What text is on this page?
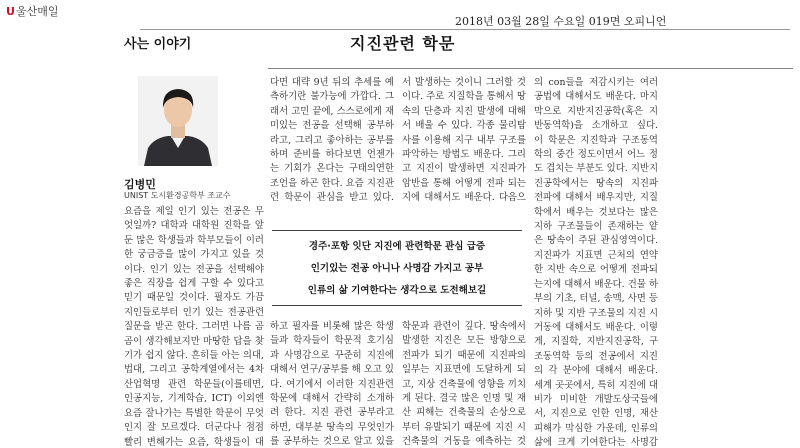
U울산매일
2018년 03월 28일 수요일 019면 오피니언
사는 이야기	지진관련 학문
김병민
UNIST 도시환경공학부 조교수
요즘을 제일 인기 있는 전공은 무엇일까? 대학과 대학원 진학을 앞둔 많은 학생들과 학부모들이 이러한 궁금증을 많이 가지고 있을 것이다. 인기 있는 전공을 선택해야 좋은 직장을 쉽게 구할 수 있다고 믿기 때문일 것이다. 필자도 가끔 지인들로부터 인기 있는 전공관련 질문을 받곤 한다. 그러면 나름 곰곰이 생각해보지만 마땅한 답을 찾기가 쉽지 않다. 흔히들 아는 의대, 법대, 그리고 공학계열에서는 4차산업혁명 관련 학문들(이를테면, 인공지능, 기계학습, ICT) 이외엔 요즘 잘나가는 특별한 학문이 무엇인지 잘 모르겠다. 더군다나 점점 빨리 변해가는 요즘, 학생들이 대
다면 대략 9년 뒤의 추세를 예측하기란 불가능에 가깝다. 그래서 고민 끝에, 스스로에게 재미있는 전공을 선택해 공부하라고, 그리고 좋아하는 공부를 하며 준비를 하다보면 언젠가는 기회가 온다는 구태의연한 조언을 하곤 한다. 요즘 지진관련 학문이 관심을 받고 있다.
서 발생하는 것이니 그러할 것이다. 주로 지질학을 통해서 땅속의 단층과 지진 발생에 대해서 배울 수 있다. 각종 물리탐사를 이용해 지구 내부 구조를 파악하는 방법도 배운다. 그리고 지진이 발생하면 지진파가 암반을 통해 어떻게 전파 되는지에 대해서도 배운다. 다음으
의 con들을 저감시키는 여러 공법에 대해서도 배운다. 마지막으로 지반지진공학(혹은 지반동역학)을 소개하고 싶다. 이 학문은 지진학과 구조동역학의 중간 정도이면서 어느 정도 겹치는 부분도 있다. 지반지진공학에서는 땅속의 지진파 전파에 대해서 배우지만, 지질학에서 배우는 것보다는 많은 지하 구조물들이 존재하는 얕은 땅속이 주된 관심영역이다. 지진파가 지표면 근처의 연약한 지반 속으로 어떻게 전파되는지에 대해서 배운다. 건물 하부의 기초, 터널, 송맥, 사면 등 지하 및 지반 구조물의 지진 시 거동에 대해서도 배운다. 이렇게, 지질학, 지반지진공학, 구조동역학 등의 전공에서 지진의 각 분야에 대해서 배운다. 세계 곳곳에서, 특히 지진에 대비가 미비한 개발도상국들에서, 지진으로 인한 인명, 재산 피해가 막심한 가운데, 인류의 삶에 크게 기여한다는 사명감
경주·포항 잇단 지진에 관련학문 관심 급증
인기있는 전공 아니나 사명감 가지고 공부
인류의 삶 기여한다는 생각으로 도전해보길
하고 필자를 비롯해 많은 학생들과 학자들이 학문적 호기심과 사명감으로 꾸준히 지진에 대해서 연구/공부를 해 오고 있다. 여기에서 이러한 지진관련 학문에 대해서 간략히 소개하려 한다. 지진 관련 공부라고 하면, 대부분 땅속의 무엇인가를 공부하는 것으로 알고 있을
학문과 관련이 깊다. 땅속에서 발생한 지진은 모든 방향으로 전파가 되기 때문에 지진파의 일부는 지표면에 도달하게 되고, 지상 건축물에 영향을 끼치게 된다. 결국 많은 인명 및 재산 피해는 건축물의 손상으로부터 유발되기 때문에 지진 시 건축물의 거동을 예측하는 것
